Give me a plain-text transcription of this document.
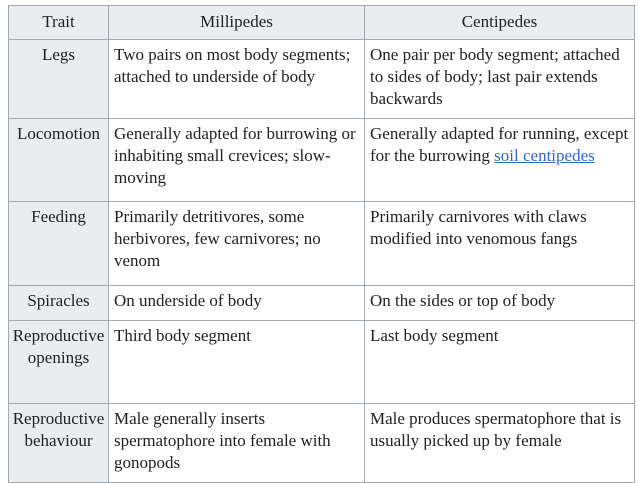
Trait	Millipedes	Centipedes
Legs	Two pairs on most body segments; attached to underside of body	One pair per body segment; attached to sides of body; last pair extends backwards
Locomotion	Generally adapted for burrowing or inhabiting small crevices; slow-moving	Generally adapted for running, except for the burrowing soil centipedes
Feeding	Primarily detritivores, some herbivores, few carnivores; no venom	Primarily carnivores with claws modified into venomous fangs
Spiracles	On underside of body	On the sides or top of body
Reproductive openings	Third body segment	Last body segment
Reproductive behaviour	Male generally inserts spermatophore into female with gonopods	Male produces spermatophore that is usually picked up by female
